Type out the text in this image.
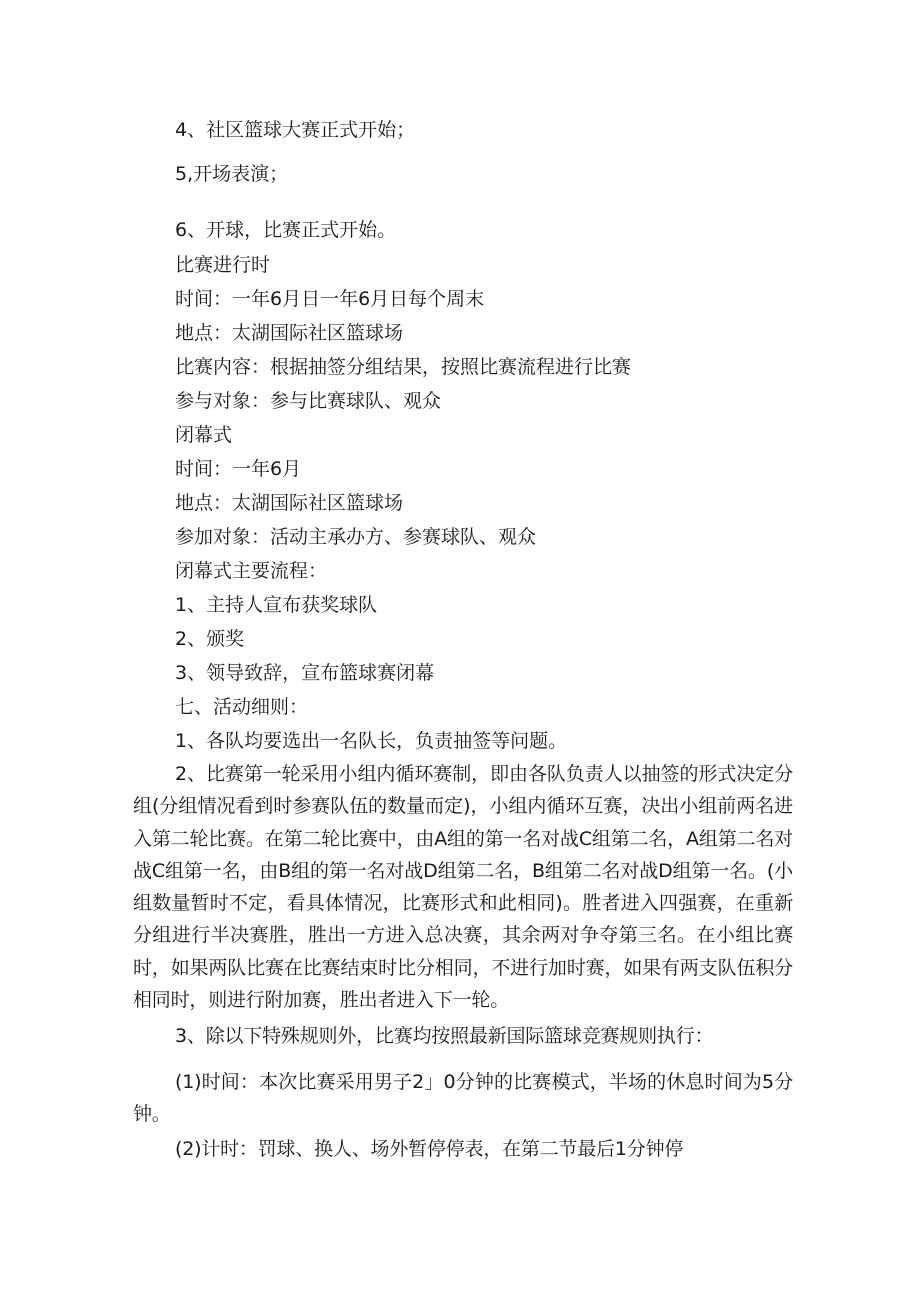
4、社区篮球大赛正式开始；
5,开场表演；
6、开球，比赛正式开始。
比赛进行时
时间：一年6月日一年6月日每个周末
地点：太湖国际社区篮球场
比赛内容：根据抽签分组结果，按照比赛流程进行比赛
参与对象：参与比赛球队、观众
闭幕式
时间：一年6月
地点：太湖国际社区篮球场
参加对象：活动主承办方、参赛球队、观众
闭幕式主要流程：
1、主持人宣布获奖球队
2、颁奖
3、领导致辞，宣布篮球赛闭幕
七、活动细则：
1、各队均要选出一名队长，负责抽签等问题。
2、比赛第一轮采用小组内循环赛制，即由各队负责人以抽签的形式决定分组(分组情况看到时参赛队伍的数量而定)，小组内循环互赛，决出小组前两名进入第二轮比赛。在第二轮比赛中，由A组的第一名对战C组第二名，A组第二名对战C组第一名，由B组的第一名对战D组第二名，B组第二名对战D组第一名。(小组数量暂时不定，看具体情况，比赛形式和此相同)。胜者进入四强赛，在重新分组进行半决赛胜，胜出一方进入总决赛，其余两对争夺第三名。在小组比赛时，如果两队比赛在比赛结束时比分相同，不进行加时赛，如果有两支队伍积分相同时，则进行附加赛，胜出者进入下一轮。
3、除以下特殊规则外，比赛均按照最新国际篮球竞赛规则执行：
(1)时间：本次比赛采用男子2」0分钟的比赛模式，半场的休息时间为5分钟。
(2)计时：罚球、换人、场外暂停停表，在第二节最后1分钟停
